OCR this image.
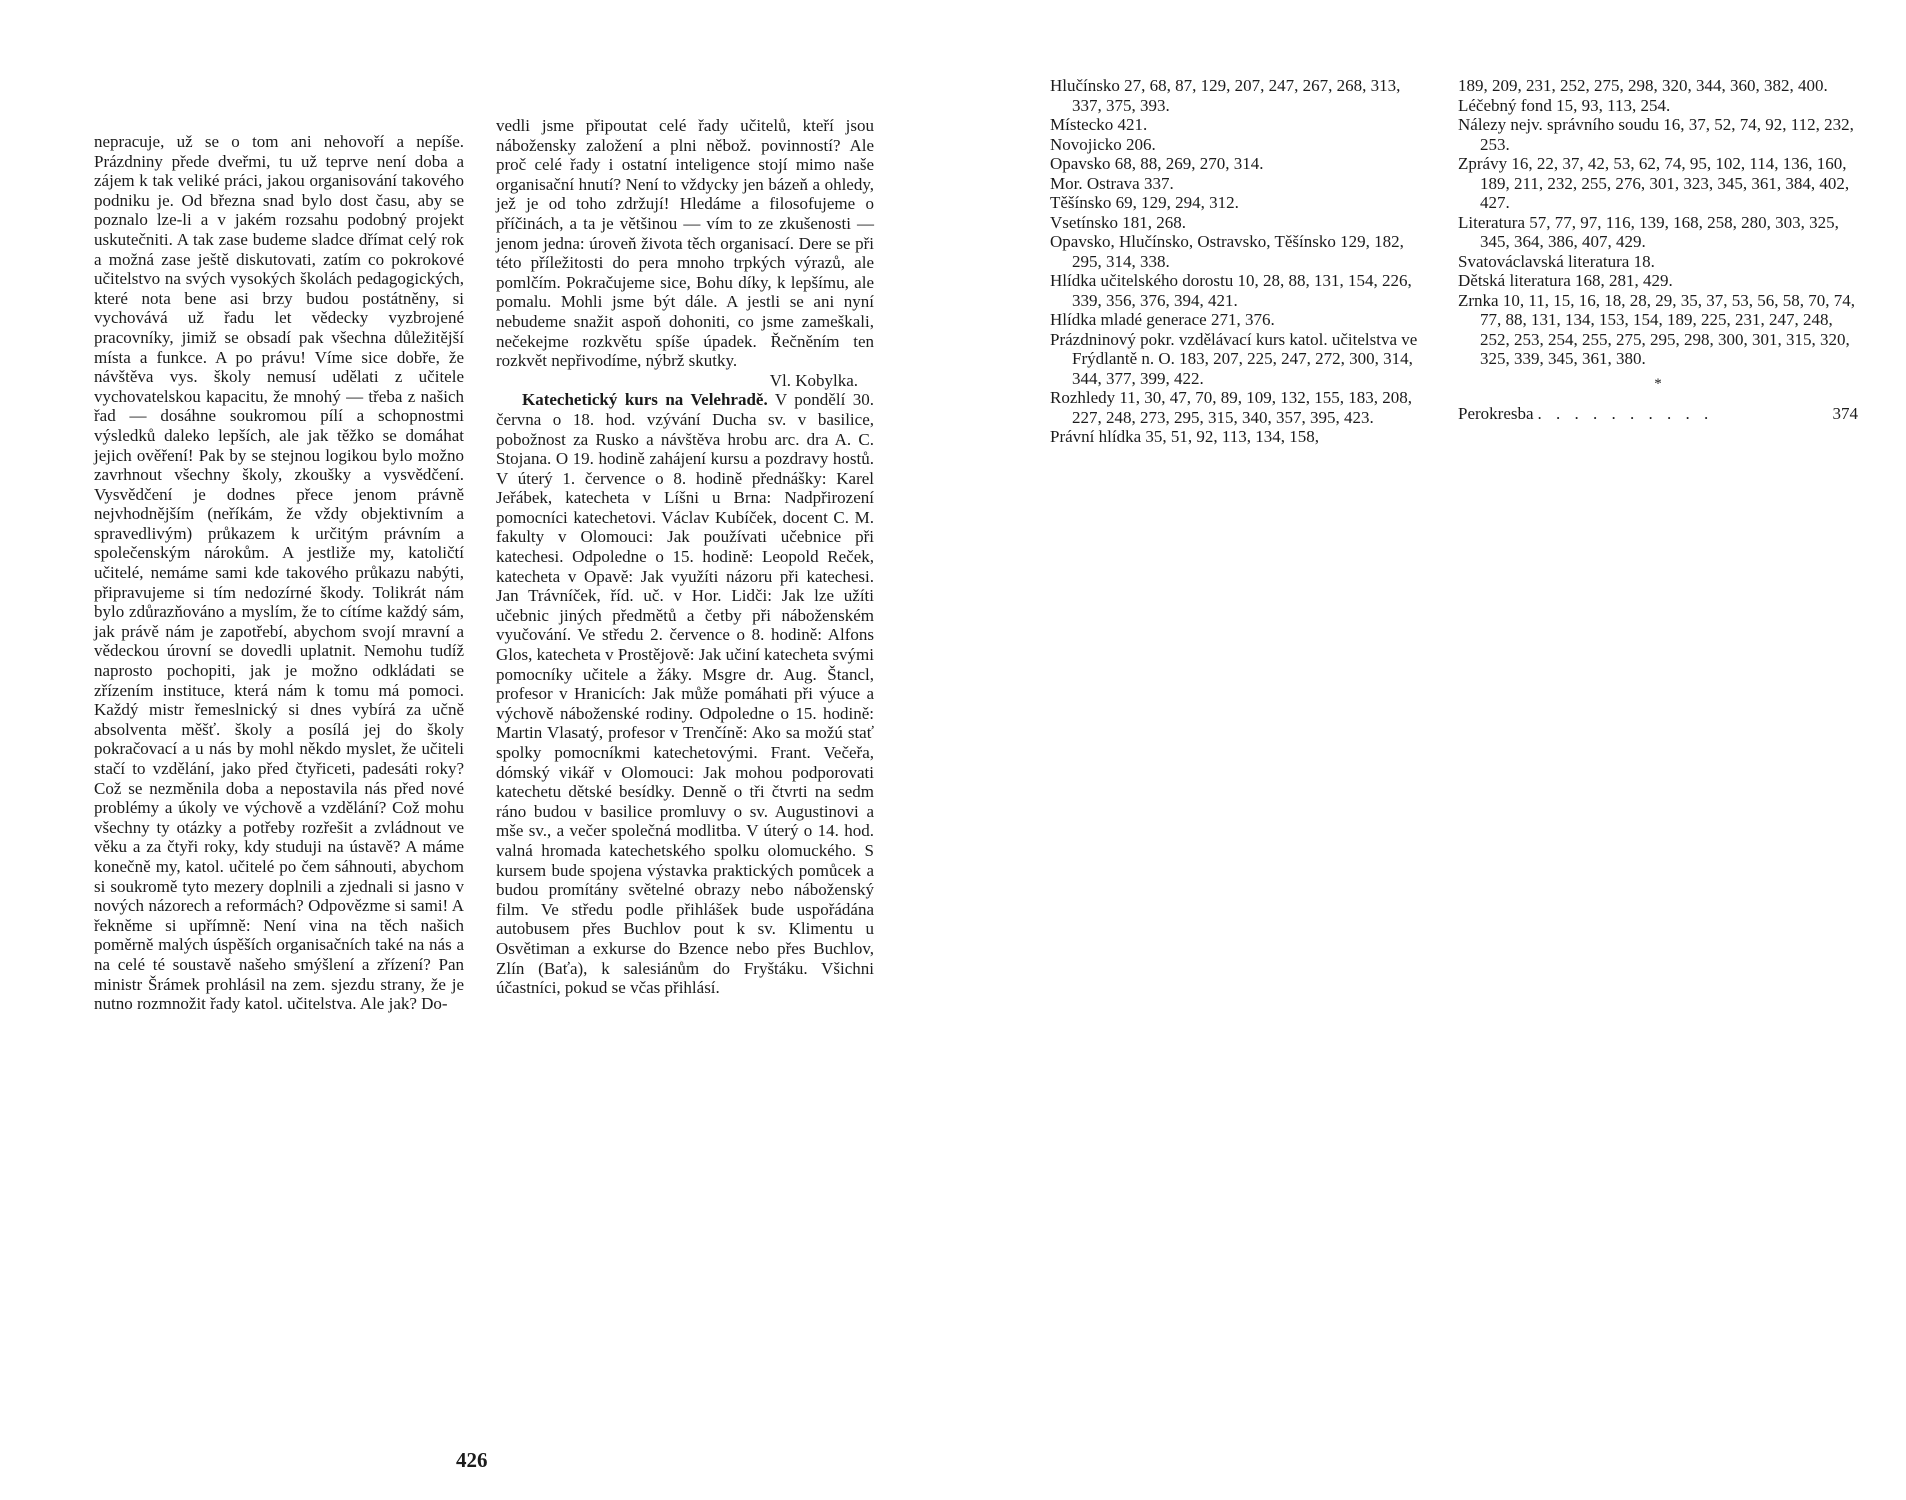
nepracuje, už se o tom ani nehovoří a nepíše. Prázdniny přede dveřmi, tu už teprve není doba a zájem k tak veliké práci, jakou organisování takového podniku je. Od března snad bylo dost času, aby se poznalo lze-li a v jakém rozsahu podobný projekt uskutečniti. A tak zase budeme sladce dřímat celý rok a možná zase ještě diskutovati, zatím co pokrokové učitelstvo na svých vysokých školách pedagogických, které nota bene asi brzy budou postátněny, si vychovává už řadu let vědecky vyzbrojené pracovníky, jimiž se obsadí pak všechna důležitější místa a funkce. A po právu! Víme sice dobře, že návštěva vys. školy nemusí udělati z učitele vychovatelskou kapacitu, že mnohý — třeba z našich řad — dosáhne soukromou pílí a schopnostmi výsledků daleko lepších, ale jak těžko se domáhat jejich ověření! Pak by se stejnou logikou bylo možno zavrhnout všechny školy, zkoušky a vysvědčení. Vysvědčení je dodnes přece jenom právně nejvhodnějším (neříkám, že vždy objektivním a spravedlivým) průkazem k určitým právním a společenským nárokům. A jestliže my, katoličtí učitelé, nemáme sami kde takového průkazu nabýti, připravujeme si tím nedozírné škody. Tolikrát nám bylo zdůrazňováno a myslím, že to cítíme každý sám, jak právě nám je zapotřebí, abychom svojí mravní a vědeckou úrovní se dovedli uplatnit. Nemohu tudíž naprosto pochopiti, jak je možno odkládati se zřízením instituce, která nám k tomu má pomoci. Každý mistr řemeslnický si dnes vybírá za učně absolventa měšť. školy a posílá jej do školy pokračovací a u nás by mohl někdo myslet, že učiteli stačí to vzdělání, jako před čtyřiceti, padesáti roky? Což se nezměnila doba a nepostavila nás před nové problémy a úkoly ve výchově a vzdělání? Což mohu všechny ty otázky a potřeby rozřešit a zvládnout ve věku a za čtyři roky, kdy studuji na ústavě? A máme konečně my, katol. učitelé po čem sáhnouti, abychom si soukromě tyto mezery doplnili a zjednali si jasno v nových názorech a reformách? Odpovězme si sami! A řekněme si upřímně: Není vina na těch našich poměrně malých úspěších organisačních také na nás a na celé té soustavě našeho smýšlení a zřízení? Pan ministr Šrámek prohlásil na zem. sjezdu strany, že je nutno rozmnožit řady katol. učitelstva. Ale jak? Do-

vedli jsme připoutat celé řady učitelů, kteří jsou nábožensky založení a plni něbož. povinností? Ale proč celé řady i ostatní inteligence stojí mimo naše organisační hnutí? Není to vždycky jen bázeň a ohledy, jež je od toho zdržují! Hledáme a filosofujeme o příčinách, a ta je většinou — vím to ze zkušenosti — jenom jedna: úroveň života těch organisací. Dere se při této příležitosti do pera mnoho trpkých výrazů, ale pomlčím. Pokračujeme sice, Bohu díky, k lepšímu, ale pomalu. Mohli jsme být dále. A jestli se ani nyní nebudeme snažit aspoň dohoniti, co jsme zameškali, nečekejme rozkvětu spíše úpadek. Řečněním ten rozkvět nepřivodíme, nýbrž skutky.

Vl. Kobylka.

Katechetický kurs na Velehradě. V pondělí 30. června o 18. hod. vzývání Ducha sv. v basilice, pobožnost za Rusko a návštěva hrobu arc. dra A. C. Stojana. O 19. hodině zahájení kursu a pozdravy hostů. V úterý 1. července o 8. hodině přednášky: Karel Jeřábek, katecheta v Líšni u Brna: Nadpřirození pomocníci katechetovi. Václav Kubíček, docent C. M. fakulty v Olomouci: Jak používati učebnice při katechesi. Odpoledne o 15. hodině: Leopold Reček, katecheta v Opavě: Jak využíti názoru při katechesi. Jan Trávníček, říd. uč. v Hor. Lidči: Jak lze užíti učebnic jiných předmětů a četby při náboženském vyučování. Ve středu 2. července o 8. hodině: Alfons Glos, katecheta v Prostějově: Jak učiní katecheta svými pomocníky učitele a žáky. Msgre dr. Aug. Štancl, profesor v Hranicích: Jak může pomáhati při výuce a výchově náboženské rodiny. Odpoledne o 15. hodině: Martin Vlasatý, profesor v Trenčíně: Ako sa možú stať spolky pomocníkmi katechetovými. Frant. Večeřa, dómský vikář v Olomouci: Jak mohou podporovati katechetu dětské besídky. Denně o tři čtvrti na sedm ráno budou v basilice promluvy o sv. Augustinovi a mše sv., a večer společná modlitba. V úterý o 14. hod. valná hromada katechetského spolku olomuckého. S kursem bude spojena výstavka praktických pomůcek a budou promítány světelné obrazy nebo náboženský film. Ve středu podle přihlášek bude uspořádána autobusem přes Buchlov pout k sv. Klimentu u Osvětiman a exkurse do Bzence nebo přes Buchlov, Zlín (Baťa), k salesiánům do Fryštáku. Všichni účastníci, pokud se včas přihlásí.

426
Hlučínsko 27, 68, 87, 129, 207, 247, 267, 268, 313, 337, 375, 393.
Místecko 421.
Novojicko 206.
Opavsko 68, 88, 269, 270, 314.
Mor. Ostrava 337.
Těšínsko 69, 129, 294, 312.
Vsetínsko 181, 268.
Opavsko, Hlučínsko, Ostravsko, Těšínsko 129, 182, 295, 314, 338.
Hlídka učitelského dorostu 10, 28, 88, 131, 154, 226, 339, 356, 376, 394, 421.
Hlídka mladé generace 271, 376.
Prázdninový pokr. vzdělávací kurs katol. učitelstva ve Frýdlantě n. O. 183, 207, 225, 247, 272, 300, 314, 344, 377, 399, 422.
Rozhledy 11, 30, 47, 70, 89, 109, 132, 155, 183, 208, 227, 248, 273, 295, 315, 340, 357, 395, 423.
Právní hlídka 35, 51, 92, 113, 134, 158,
189, 209, 231, 252, 275, 298, 320, 344, 360, 382, 400.
Léčebný fond 15, 93, 113, 254.
Nálezy nejv. správního soudu 16, 37, 52, 74, 92, 112, 232, 253.
Zprávy 16, 22, 37, 42, 53, 62, 74, 95, 102, 114, 136, 160, 189, 211, 232, 255, 276, 301, 323, 345, 361, 384, 402, 427.
Literatura 57, 77, 97, 116, 139, 168, 258, 280, 303, 325, 345, 364, 386, 407, 429.
Svatováclavská literatura 18.
Dětská literatura 168, 281, 429.
Zrnka 10, 11, 15, 16, 18, 28, 29, 35, 37, 53, 56, 58, 70, 74, 77, 88, 131, 134, 153, 154, 189, 225, 231, 247, 248, 252, 253, 254, 255, 275, 295, 298, 300, 301, 315, 320, 325, 339, 345, 361, 380.
*
Perokresba . . . . . . . . . .	374
